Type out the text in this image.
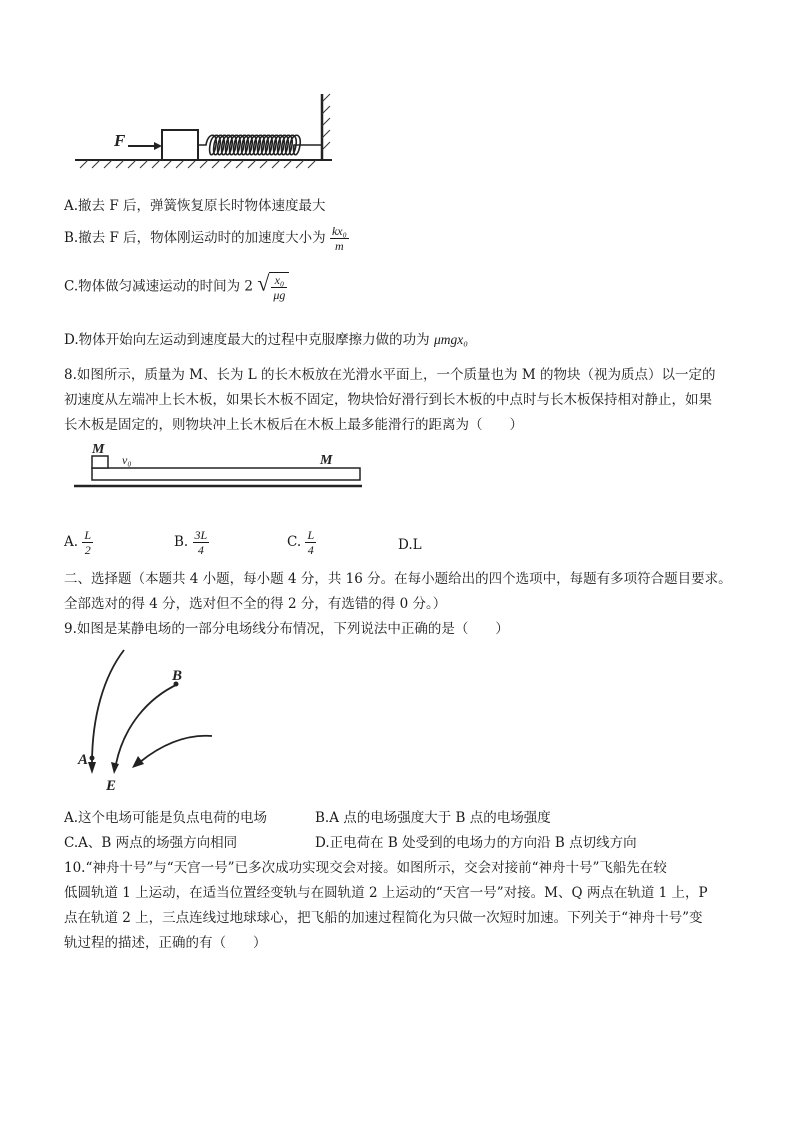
F
A.撤去 F 后，弹簧恢复原长时物体速度最大
B.撤去 F 后，物体刚运动时的加速度大小为 $\frac{\text{kx₀}}{m}$
C.物体做匀减速运动的时间为 2 √ $\frac{\text{x₀}}{\mu g}$
D.物体开始向左运动到速度最大的过程中克服摩擦力做的功为 μmgx₀
8.如图所示，质量为 M、长为 L 的长木板放在光滑水平面上，一个质量也为 M 的物块（视为质点）以一定的
初速度从左端冲上长木板，如果长木板不固定，物块恰好滑行到长木板的中点时与长木板保持相对静止，如果
长木板是固定的，则物块冲上长木板后在木板上最多能滑行的距离为（　　）
M
v₀	M
A. $\frac{L}{2}$	B. $\frac{3L}{4}$	C. $\frac{L}{4}$	D.L
二、选择题（本题共 4 小题，每小题 4 分，共 16 分。在每小题给出的四个选项中，每题有多项符合题目要求。
全部选对的得 4 分，选对但不全的得 2 分，有选错的得 0 分。）
9.如图是某静电场的一部分电场线分布情况，下列说法中正确的是（　　）
A
B
E
A.这个电场可能是负点电荷的电场	B.A 点的电场强度大于 B 点的电场强度
C.A、B 两点的场强方向相同	D.正电荷在 B 处受到的电场力的方向沿 B 点切线方向
10.“神舟十号”与“天宫一号”已多次成功实现交会对接。如图所示，交会对接前“神舟十号”飞船先在较
低圆轨道 1 上运动，在适当位置经变轨与在圆轨道 2 上运动的“天宫一号”对接。M、Q 两点在轨道 1 上，P
点在轨道 2 上，三点连线过地球球心，把飞船的加速过程简化为只做一次短时加速。下列关于“神舟十号”变
轨过程的描述，正确的有（　　）
